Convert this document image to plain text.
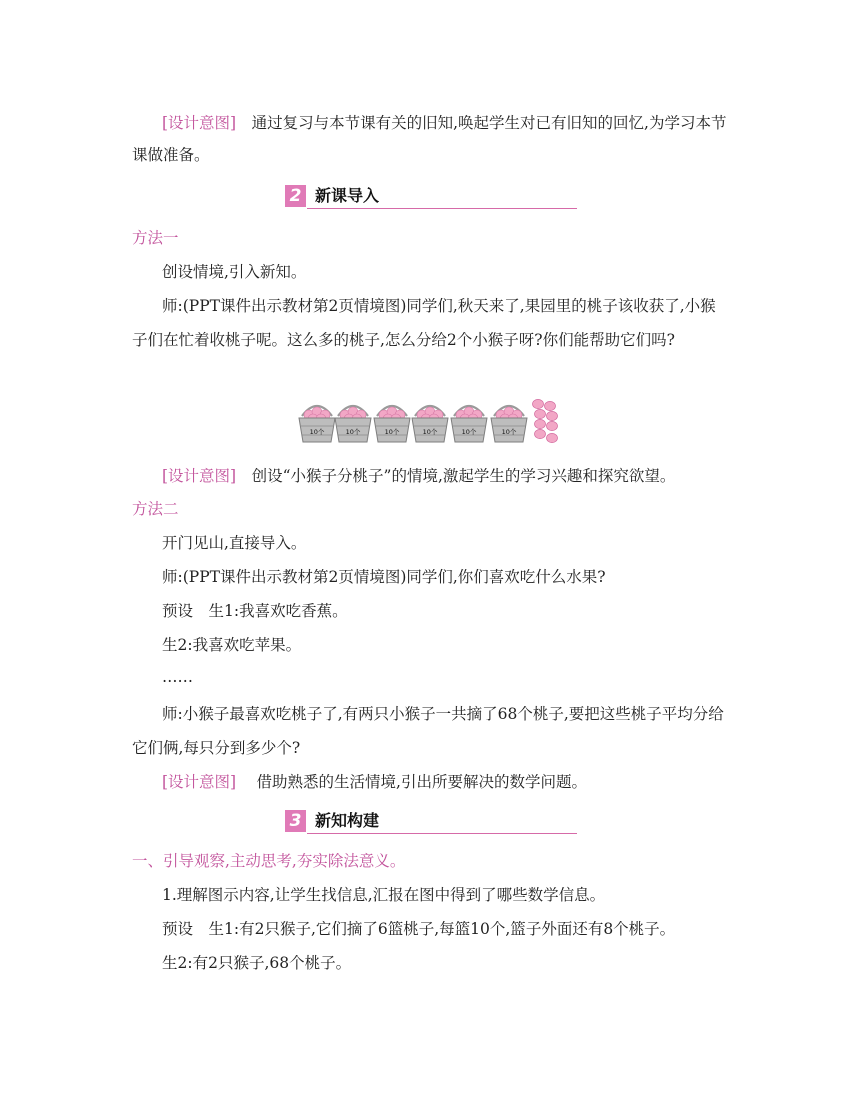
[设计意图]　通过复习与本节课有关的旧知,唤起学生对已有旧知的回忆,为学习本节
课做准备。
2 新课导入
方法一
创设情境,引入新知。
师:(PPT课件出示教材第2页情境图)同学们,秋天来了,果园里的桃子该收获了,小猴
子们在忙着收桃子呢。这么多的桃子,怎么分给2个小猴子呀?你们能帮助它们吗?
10个	10个	10个	10个	10个	10个
[设计意图]　创设“小猴子分桃子”的情境,激起学生的学习兴趣和探究欲望。
方法二
开门见山,直接导入。
师:(PPT课件出示教材第2页情境图)同学们,你们喜欢吃什么水果?
预设　生1:我喜欢吃香蕉。
生2:我喜欢吃苹果。
……
师:小猴子最喜欢吃桃子了,有两只小猴子一共摘了68个桃子,要把这些桃子平均分给
它们俩,每只分到多少个?
[设计意图]　 借助熟悉的生活情境,引出所要解决的数学问题。
3 新知构建
一、引导观察,主动思考,夯实除法意义。
1.理解图示内容,让学生找信息,汇报在图中得到了哪些数学信息。
预设　生1:有2只猴子,它们摘了6篮桃子,每篮10个,篮子外面还有8个桃子。
生2:有2只猴子,68个桃子。
